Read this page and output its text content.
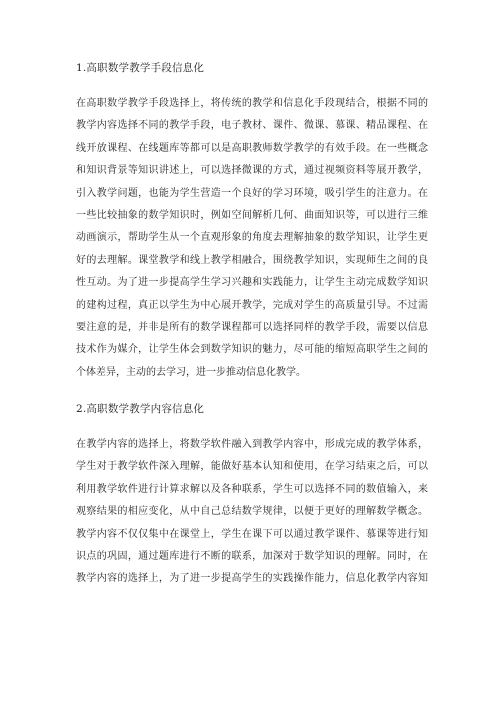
1.高职数学教学手段信息化
在高职数学教学手段选择上，将传统的教学和信息化手段现结合，根据不同的
教学内容选择不同的教学手段，电子教材、课件、微课、慕课、精品课程、在
线开放课程、在线题库等都可以是高职教师数学教学的有效手段。在一些概念
和知识背景等知识讲述上，可以选择微课的方式，通过视频资料等展开教学，
引入教学问题，也能为学生营造一个良好的学习环境，吸引学生的注意力。在
一些比较抽象的数学知识时，例如空间解析几何、曲面知识等，可以进行三维
动画演示，帮助学生从一个直观形象的角度去理解抽象的数学知识，让学生更
好的去理解。课堂教学和线上教学相融合，围绕教学知识，实现师生之间的良
性互动。为了进一步提高学生学习兴趣和实践能力，让学生主动完成数学知识
的建构过程，真正以学生为中心展开教学，完成对学生的高质量引导。不过需
要注意的是，并非是所有的数学课程都可以选择同样的教学手段，需要以信息
技术作为媒介，让学生体会到数学知识的魅力，尽可能的缩短高职学生之间的
个体差异，主动的去学习，进一步推动信息化教学。
2.高职数学教学内容信息化
在教学内容的选择上，将数学软件融入到教学内容中，形成完成的教学体系，
学生对于教学软件深入理解，能做好基本认知和使用，在学习结束之后，可以
利用教学软件进行计算求解以及各种联系，学生可以选择不同的数值输入，来
观察结果的相应变化，从中自己总结数学规律，以便于更好的理解数学概念。
教学内容不仅仅集中在课堂上，学生在课下可以通过教学课件、慕课等进行知
识点的巩固，通过题库进行不断的联系，加深对于数学知识的理解。同时，在
教学内容的选择上，为了进一步提高学生的实践操作能力，信息化教学内容知
